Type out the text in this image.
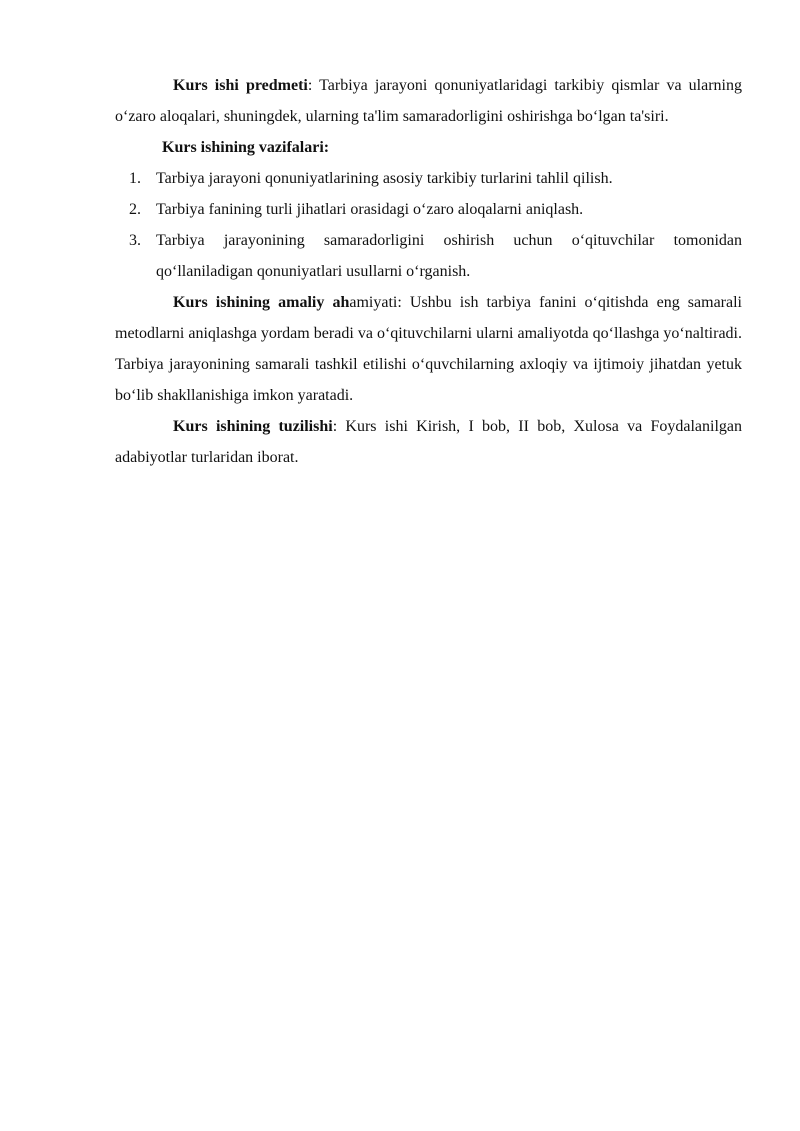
Kurs ishi predmeti: Tarbiya jarayoni qonuniyatlaridagi tarkibiy qismlar va ularning o‘zaro aloqalari, shuningdek, ularning ta'lim samaradorligini oshirishga bo‘lgan ta'siri.

Kurs ishining vazifalari:

1. Tarbiya jarayoni qonuniyatlarining asosiy tarkibiy turlarini tahlil qilish.
2. Tarbiya fanining turli jihatlari orasidagi o‘zaro aloqalarni aniqlash.
3. Tarbiya jarayonining samaradorligini oshirish uchun o‘qituvchilar tomonidan qo‘llaniladigan qonuniyatlari usullarni o‘rganish.

Kurs ishining amaliy ahamiyati: Ushbu ish tarbiya fanini o‘qitishda eng samarali metodlarni aniqlashga yordam beradi va o‘qituvchilarni ularni amaliyotda qo‘llashga yo‘naltiradi. Tarbiya jarayonining samarali tashkil etilishi o‘quvchilarning axloqiy va ijtimoiy jihatdan yetuk bo‘lib shakllanishiga imkon yaratadi.

Kurs ishining tuzilishi: Kurs ishi Kirish, I bob, II bob, Xulosa va Foydalanilgan adabiyotlar turlaridan iborat.
